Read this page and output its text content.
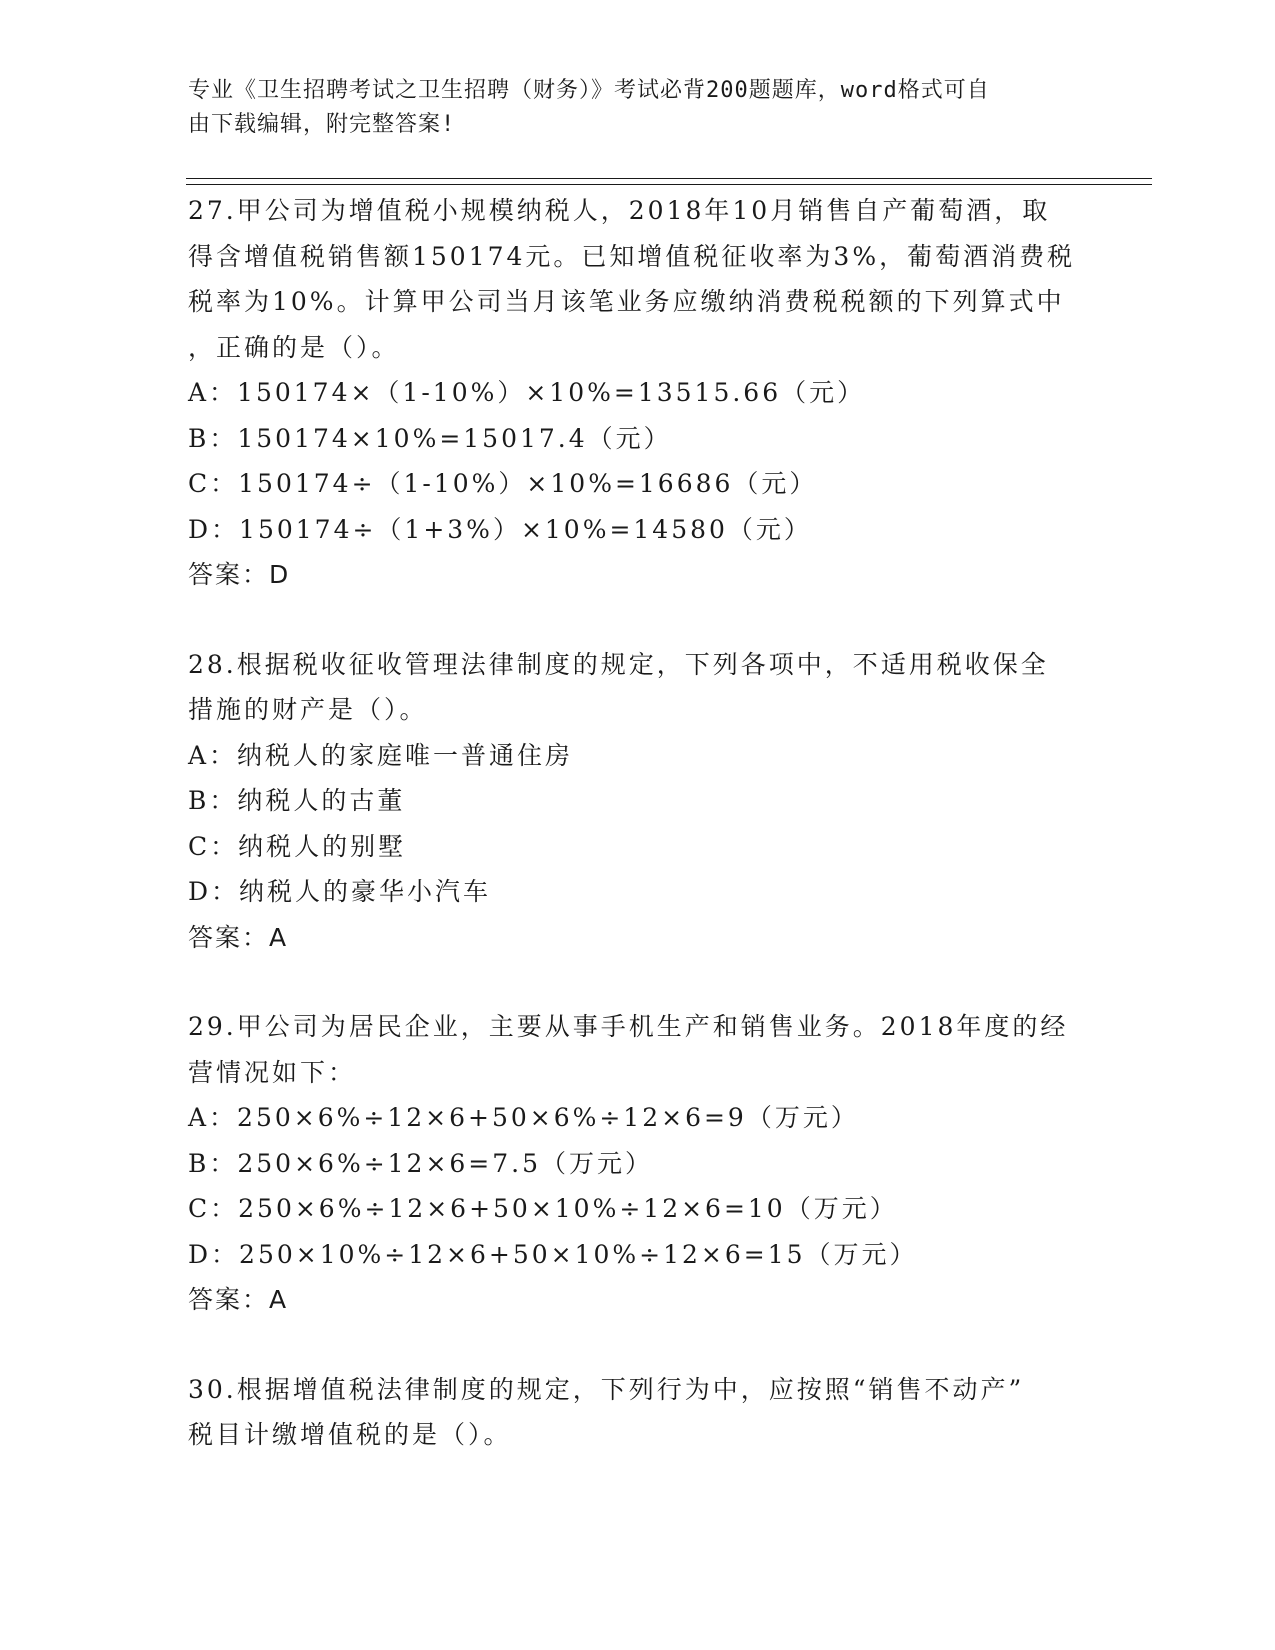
专业《卫生招聘考试之卫生招聘（财务）》考试必背200题题库，word格式可自
由下载编辑，附完整答案!
27.甲公司为增值税小规模纳税人，2018年10月销售自产葡萄酒，取
得含增值税销售额150174元。已知增值税征收率为3%，葡萄酒消费税
税率为10%。计算甲公司当月该笔业务应缴纳消费税税额的下列算式中
，正确的是（）。
A：150174×（1-10%）×10%=13515.66（元）
B：150174×10%=15017.4（元）
C：150174÷（1-10%）×10%=16686（元）
D：150174÷（1+3%）×10%=14580（元）
答案：D
28.根据税收征收管理法律制度的规定，下列各项中，不适用税收保全
措施的财产是（）。
A：纳税人的家庭唯一普通住房
B：纳税人的古董
C：纳税人的别墅
D：纳税人的豪华小汽车
答案：A
29.甲公司为居民企业，主要从事手机生产和销售业务。2018年度的经
营情况如下：
A：250×6%÷12×6+50×6%÷12×6=9（万元）
B：250×6%÷12×6=7.5（万元）
C：250×6%÷12×6+50×10%÷12×6=10（万元）
D：250×10%÷12×6+50×10%÷12×6=15（万元）
答案：A
30.根据增值税法律制度的规定，下列行为中，应按照“销售不动产”
税目计缴增值税的是（）。
